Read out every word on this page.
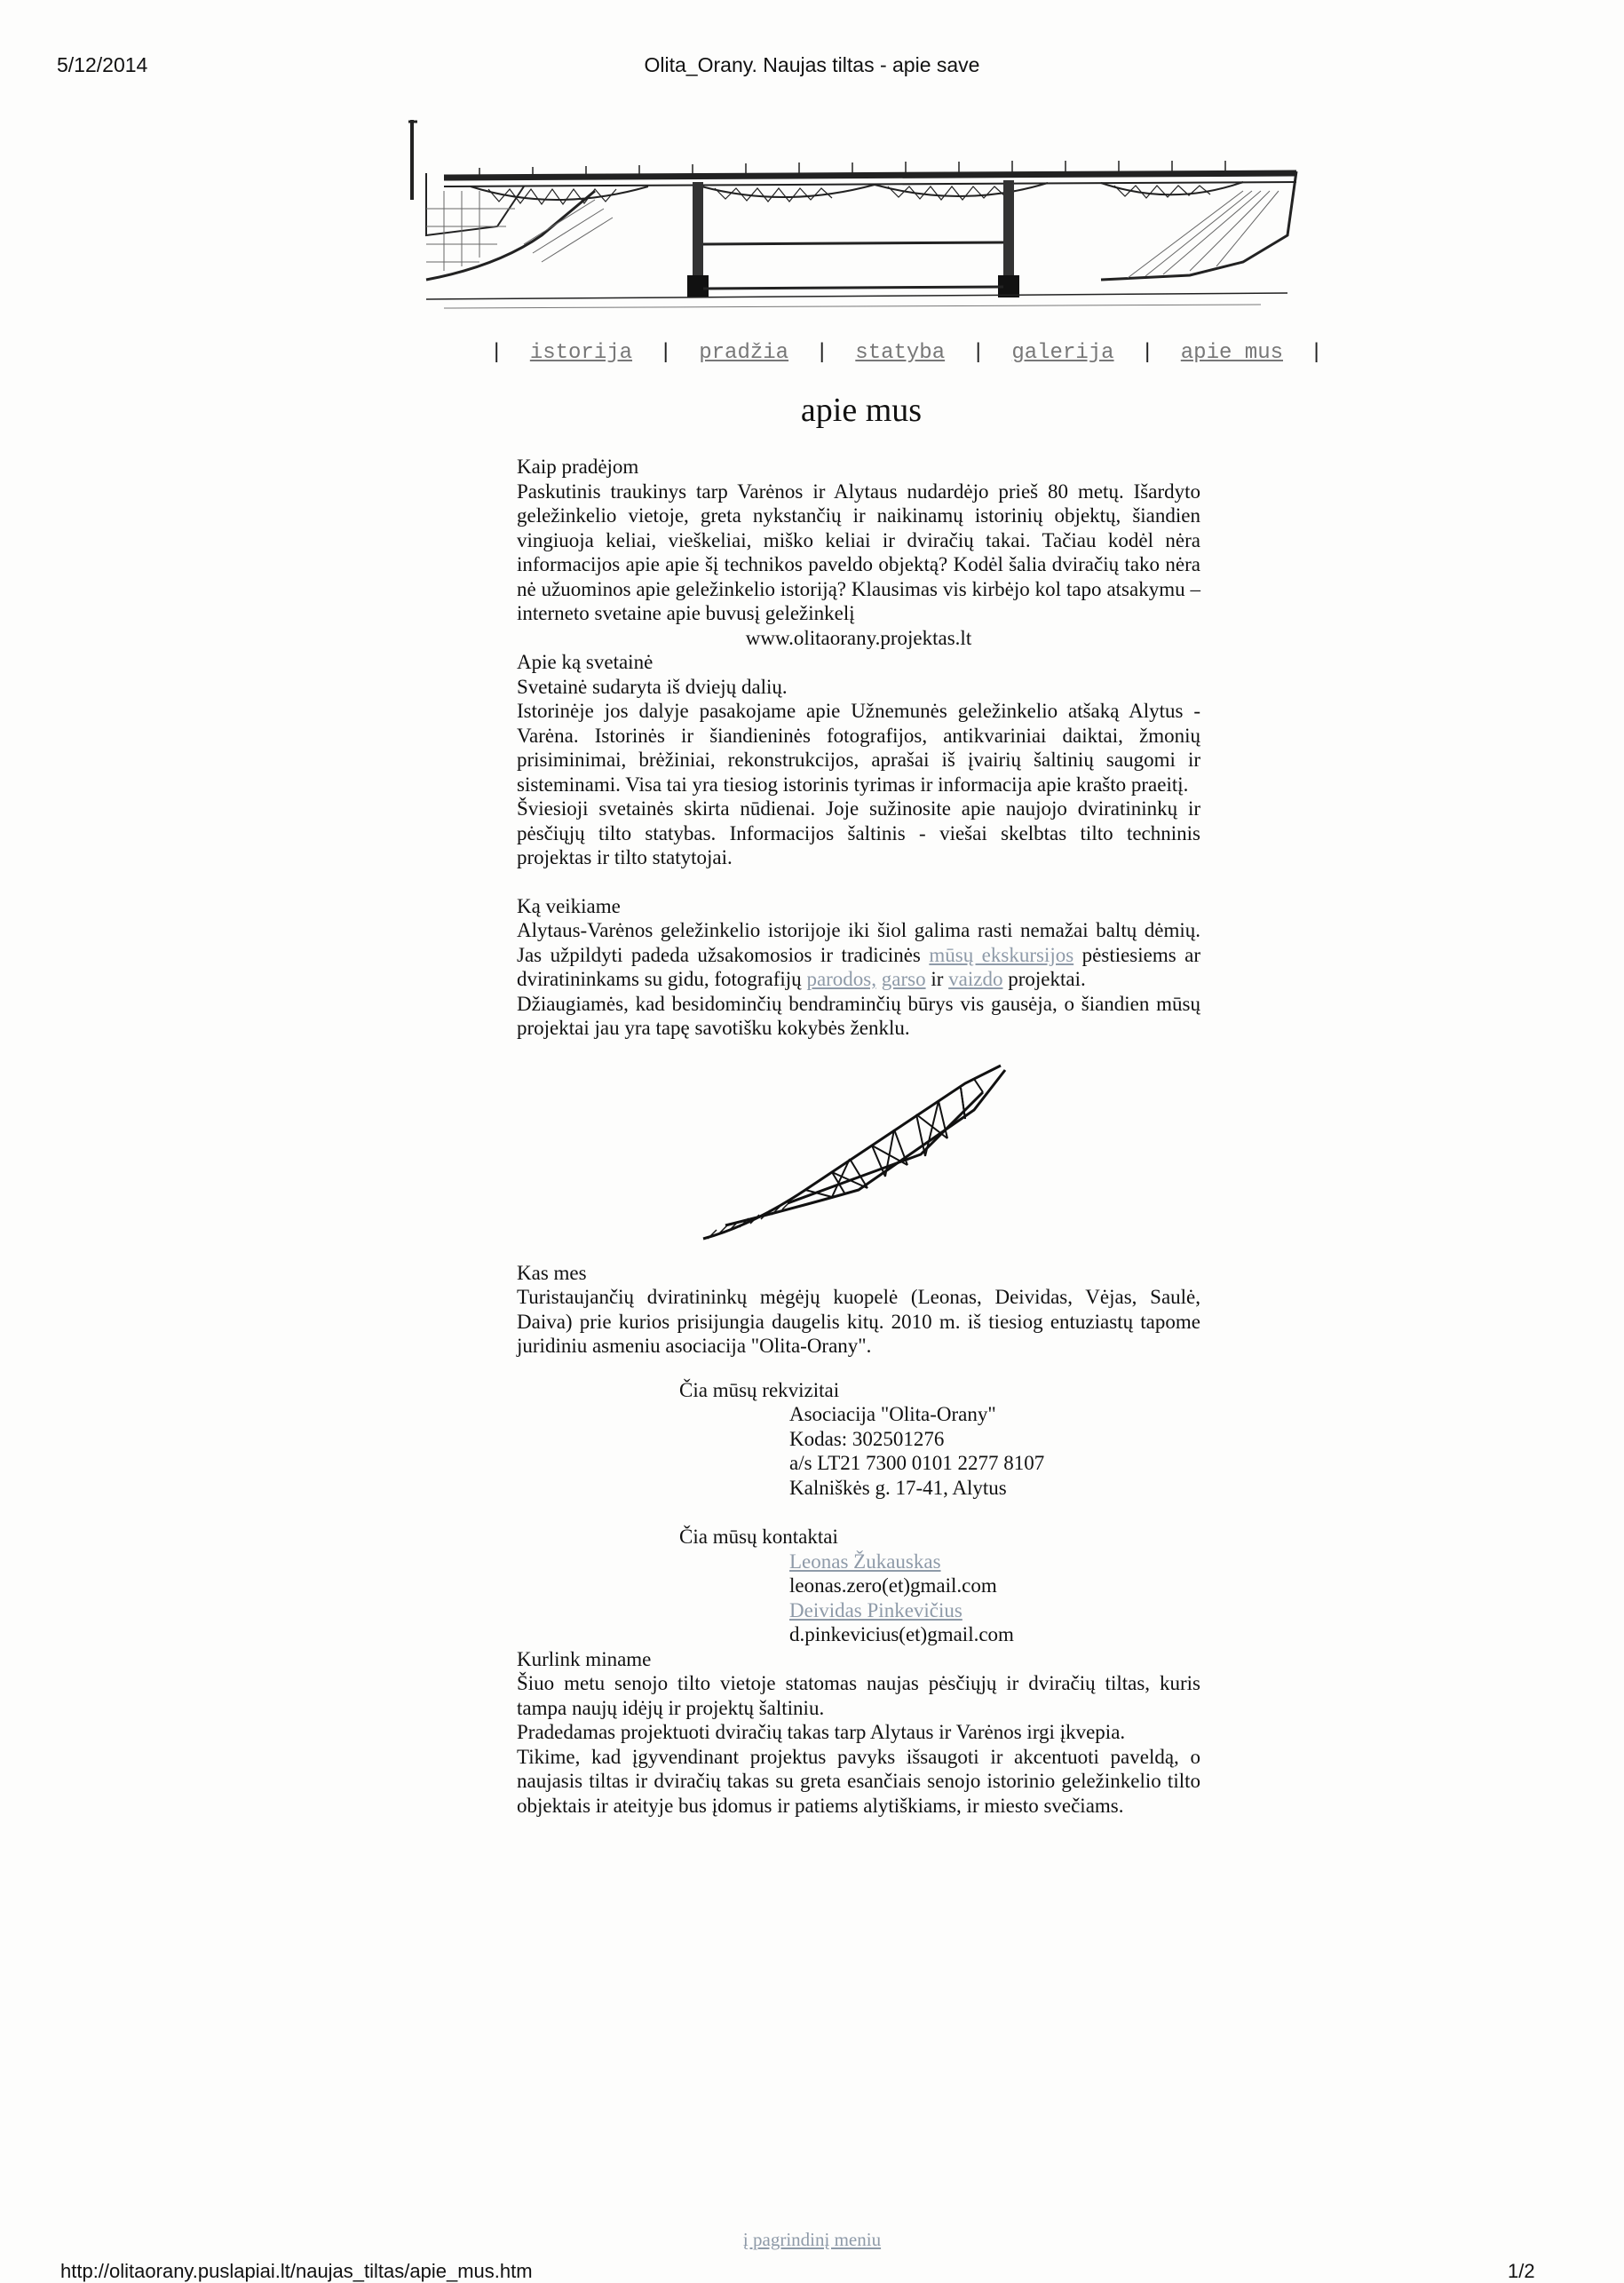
5/12/2014	Olita_Orany. Naujas tiltas - apie save
| istorija | pradžia | statyba | galerija | apie mus |
apie mus

Kaip pradėjom

Paskutinis traukinys tarp Varėnos ir Alytaus nudardėjo prieš 80 metų. Išardyto geležinkelio vietoje, greta nykstančių ir naikinamų istorinių objektų, šiandien vingiuoja keliai, vieškeliai, miško keliai ir dviračių takai. Tačiau kodėl nėra informacijos apie apie šį technikos paveldo objektą? Kodėl šalia dviračių tako nėra nė užuominos apie geležinkelio istoriją? Klausimas vis kirbėjo kol tapo atsakymu – interneto svetaine apie buvusį geležinkelį

www.olitaorany.projektas.lt

Apie ką svetainė

Svetainė sudaryta iš dviejų dalių.

Istorinėje jos dalyje pasakojame apie Užnemunės geležinkelio atšaką Alytus - Varėna. Istorinės ir šiandieninės fotografijos, antikvariniai daiktai, žmonių prisiminimai, brėžiniai, rekonstrukcijos, aprašai iš įvairių šaltinių saugomi ir sisteminami. Visa tai yra tiesiog istorinis tyrimas ir informacija apie krašto praeitį.

Šviesioji svetainės skirta nūdienai. Joje sužinosite apie naujojo dviratininkų ir pėsčiųjų tilto statybas. Informacijos šaltinis - viešai skelbtas tilto techninis projektas ir tilto statytojai.

Ką veikiame

Alytaus-Varėnos geležinkelio istorijoje iki šiol galima rasti nemažai baltų dėmių. Jas užpildyti padeda užsakomosios ir tradicinės mūsų ekskursijos pėstiesiems ar dviratininkams su gidu, fotografijų parodos, garso ir vaizdo projektai.

Džiaugiamės, kad besidominčių bendraminčių būrys vis gausėja, o šiandien mūsų projektai jau yra tapę savotišku kokybės ženklu.

Kas mes

Turistaujančių dviratininkų mėgėjų kuopelė (Leonas, Deividas, Vėjas, Saulė, Daiva) prie kurios prisijungia daugelis kitų. 2010 m. iš tiesiog entuziastų tapome juridiniu asmeniu asociacija "Olita-Orany".

Čia mūsų rekvizitai

Asociacija "Olita-Orany"

Kodas: 302501276

a/s LT21 7300 0101 2277 8107

Kalniškės g. 17-41, Alytus

Čia mūsų kontaktai

Leonas Žukauskas

leonas.zero(et)gmail.com

Deividas Pinkevičius

d.pinkevicius(et)gmail.com

Kurlink miname

Šiuo metu senojo tilto vietoje statomas naujas pėsčiųjų ir dviračių tiltas, kuris tampa naujų idėjų ir projektų šaltiniu.

Pradedamas projektuoti dviračių takas tarp Alytaus ir Varėnos irgi įkvepia.

Tikime, kad įgyvendinant projektus pavyks išsaugoti ir akcentuoti paveldą, o naujasis tiltas ir dviračių takas su greta esančiais senojo istorinio geležinkelio tilto objektais ir ateityje bus įdomus ir patiems alytiškiams, ir miesto svečiams.

į pagrindinį meniu
http://olitaorany.puslapiai.lt/naujas_tiltas/apie_mus.htm	1/2
